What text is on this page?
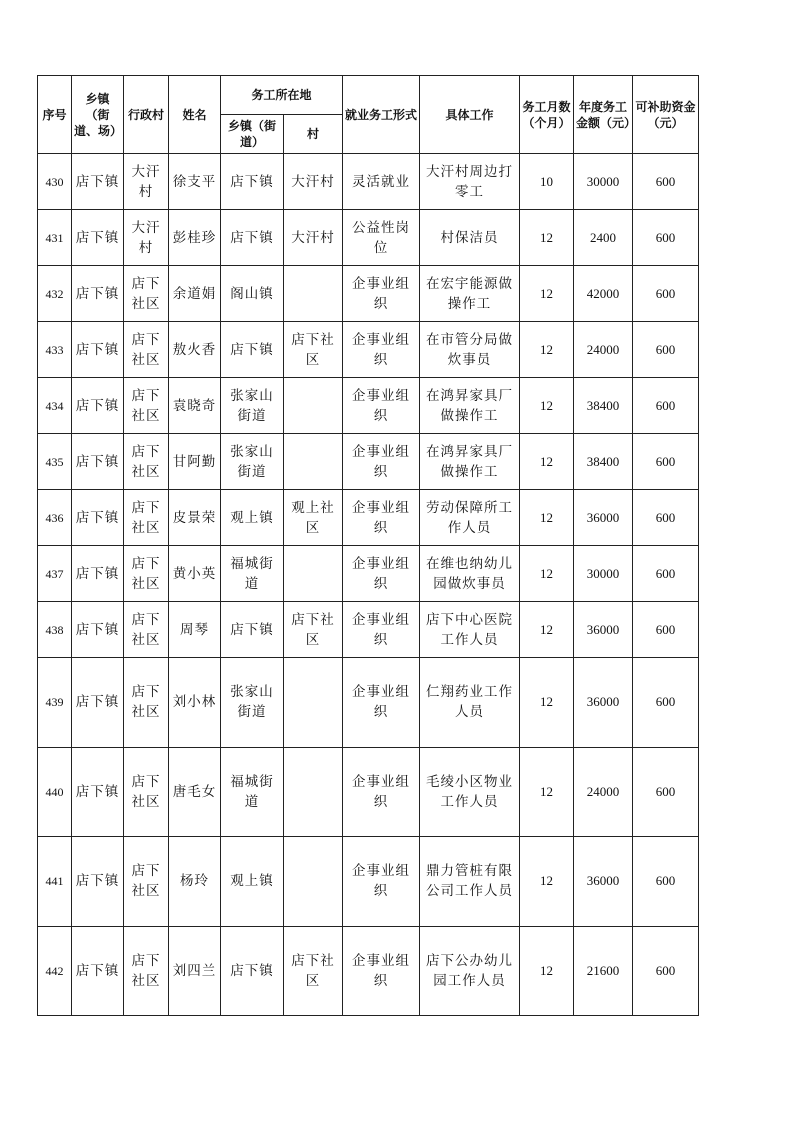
序号	乡镇（街道、场）	行政村	姓名	务工所在地		就业务工形式	具体工作	务工月数（个月）	年度务工金额（元）	可补助资金（元）
				乡镇（街道）	村					
430	店下镇	大汗村	徐支平	店下镇	大汗村	灵活就业	大汗村周边打零工	10	30000	600
431	店下镇	大汗村	彭桂珍	店下镇	大汗村	公益性岗位	村保洁员	12	2400	600
432	店下镇	店下社区	余道娟	阁山镇		企事业组织	在宏宇能源做操作工	12	42000	600
433	店下镇	店下社区	敖火香	店下镇	店下社区	企事业组织	在市管分局做炊事员	12	24000	600
434	店下镇	店下社区	袁晓奇	张家山街道		企事业组织	在鸿昇家具厂做操作工	12	38400	600
435	店下镇	店下社区	甘阿勤	张家山街道		企事业组织	在鸿昇家具厂做操作工	12	38400	600
436	店下镇	店下社区	皮景荣	观上镇	观上社区	企事业组织	劳动保障所工作人员	12	36000	600
437	店下镇	店下社区	黄小英	福城街道		企事业组织	在维也纳幼儿园做炊事员	12	30000	600
438	店下镇	店下社区	周琴	店下镇	店下社区	企事业组织	店下中心医院工作人员	12	36000	600
439	店下镇	店下社区	刘小林	张家山街道		企事业组织	仁翔药业工作人员	12	36000	600
440	店下镇	店下社区	唐毛女	福城街道		企事业组织	毛绫小区物业工作人员	12	24000	600
441	店下镇	店下社区	杨玲	观上镇		企事业组织	鼎力管桩有限公司工作人员	12	36000	600
442	店下镇	店下社区	刘四兰	店下镇	店下社区	企事业组织	店下公办幼儿园工作人员	12	21600	600
